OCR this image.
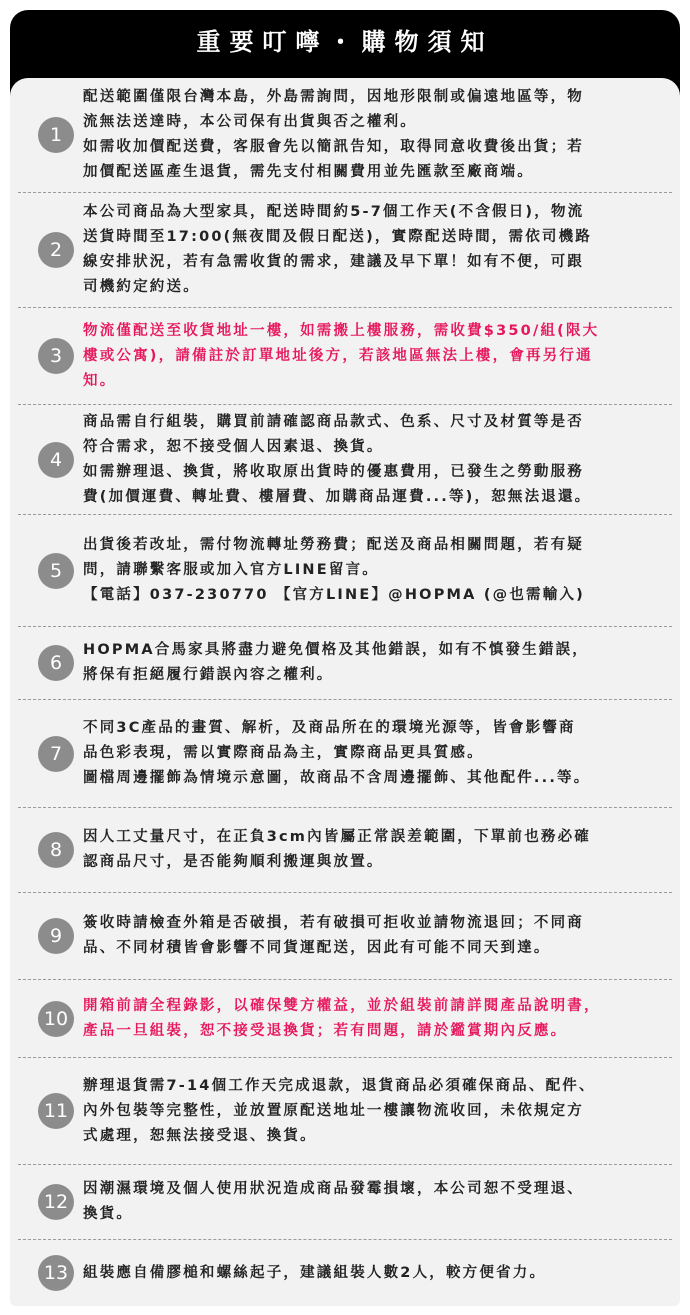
重要叮嚀・購物須知
1
配送範圍僅限台灣本島，外島需詢問，因地形限制或偏遠地區等，物
流無法送達時，本公司保有出貨與否之權利。
如需收加價配送費，客服會先以簡訊告知，取得同意收費後出貨；若
加價配送區產生退貨，需先支付相關費用並先匯款至廠商端。
2
本公司商品為大型家具，配送時間約5-7個工作天(不含假日)，物流
送貨時間至17:00(無夜間及假日配送)，實際配送時間，需依司機路
線安排狀況，若有急需收貨的需求，建議及早下單！如有不便，可跟
司機約定約送。
3
物流僅配送至收貨地址一樓，如需搬上樓服務，需收費$350/組(限大
樓或公寓)，請備註於訂單地址後方，若該地區無法上樓，會再另行通
知。
4
商品需自行組裝，購買前請確認商品款式、色系、尺寸及材質等是否
符合需求，恕不接受個人因素退、換貨。
如需辦理退、換貨，將收取原出貨時的優惠費用，已發生之勞動服務
費(加價運費、轉址費、樓層費、加購商品運費...等)，恕無法退還。
5
出貨後若改址，需付物流轉址勞務費；配送及商品相關問題，若有疑
問，請聯繫客服或加入官方LINE留言。
【電話】037-230770 【官方LINE】@HOPMA (@也需輸入)
6
HOPMA合馬家具將盡力避免價格及其他錯誤，如有不慎發生錯誤，
將保有拒絕履行錯誤內容之權利。
7
不同3C產品的畫質、解析，及商品所在的環境光源等，皆會影響商
品色彩表現，需以實際商品為主，實際商品更具質感。
圖檔周邊擺飾為情境示意圖，故商品不含周邊擺飾、其他配件...等。
8
因人工丈量尺寸，在正負3cm內皆屬正常誤差範圍，下單前也務必確
認商品尺寸，是否能夠順利搬運與放置。
9
簽收時請檢查外箱是否破損，若有破損可拒收並請物流退回；不同商
品、不同材積皆會影響不同貨運配送，因此有可能不同天到達。
10
開箱前請全程錄影，以確保雙方權益，並於組裝前請詳閱產品說明書，
產品一旦組裝，恕不接受退換貨；若有問題，請於鑑賞期內反應。
11
辦理退貨需7-14個工作天完成退款，退貨商品必須確保商品、配件、
內外包裝等完整性，並放置原配送地址一樓讓物流收回，未依規定方
式處理，恕無法接受退、換貨。
12
因潮濕環境及個人使用狀況造成商品發霉損壞，本公司恕不受理退、
換貨。
13	組裝應自備膠槌和螺絲起子，建議組裝人數2人，較方便省力。
